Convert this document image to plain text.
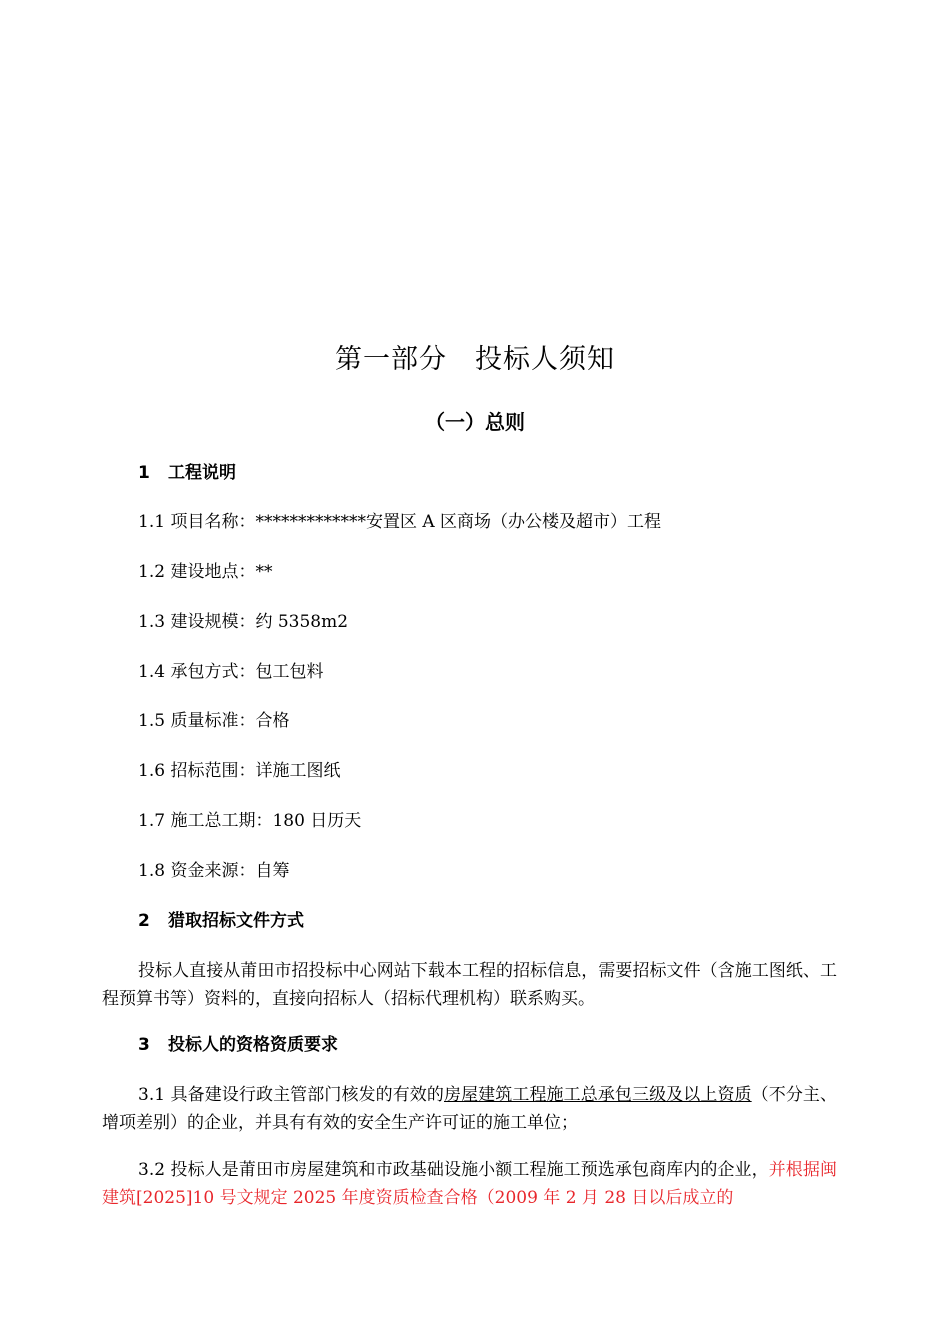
第一部分　投标人须知
（一）总则
1 工程说明
1.1 项目名称：*************安置区 A 区商场（办公楼及超市）工程
1.2 建设地点：**
1.3 建设规模：约 5358m2
1.4 承包方式：包工包料
1.5 质量标准：合格
1.6 招标范围：详施工图纸
1.7 施工总工期：180 日历天
1.8 资金来源：自筹
2 猎取招标文件方式
投标人直接从莆田市招投标中心网站下载本工程的招标信息，需要招标文件（含施工图纸、工程预算书等）资料的，直接向招标人（招标代理机构）联系购买。
3 投标人的资格资质要求
3.1 具备建设行政主管部门核发的有效的房屋建筑工程施工总承包三级及以上资质（不分主、增项差别）的企业，并具有有效的安全生产许可证的施工单位；
3.2 投标人是莆田市房屋建筑和市政基础设施小额工程施工预选承包商库内的企业，并根据闽建筑[2025]10 号文规定 2025 年度资质检查合格（2009 年 2 月 28 日以后成立的
